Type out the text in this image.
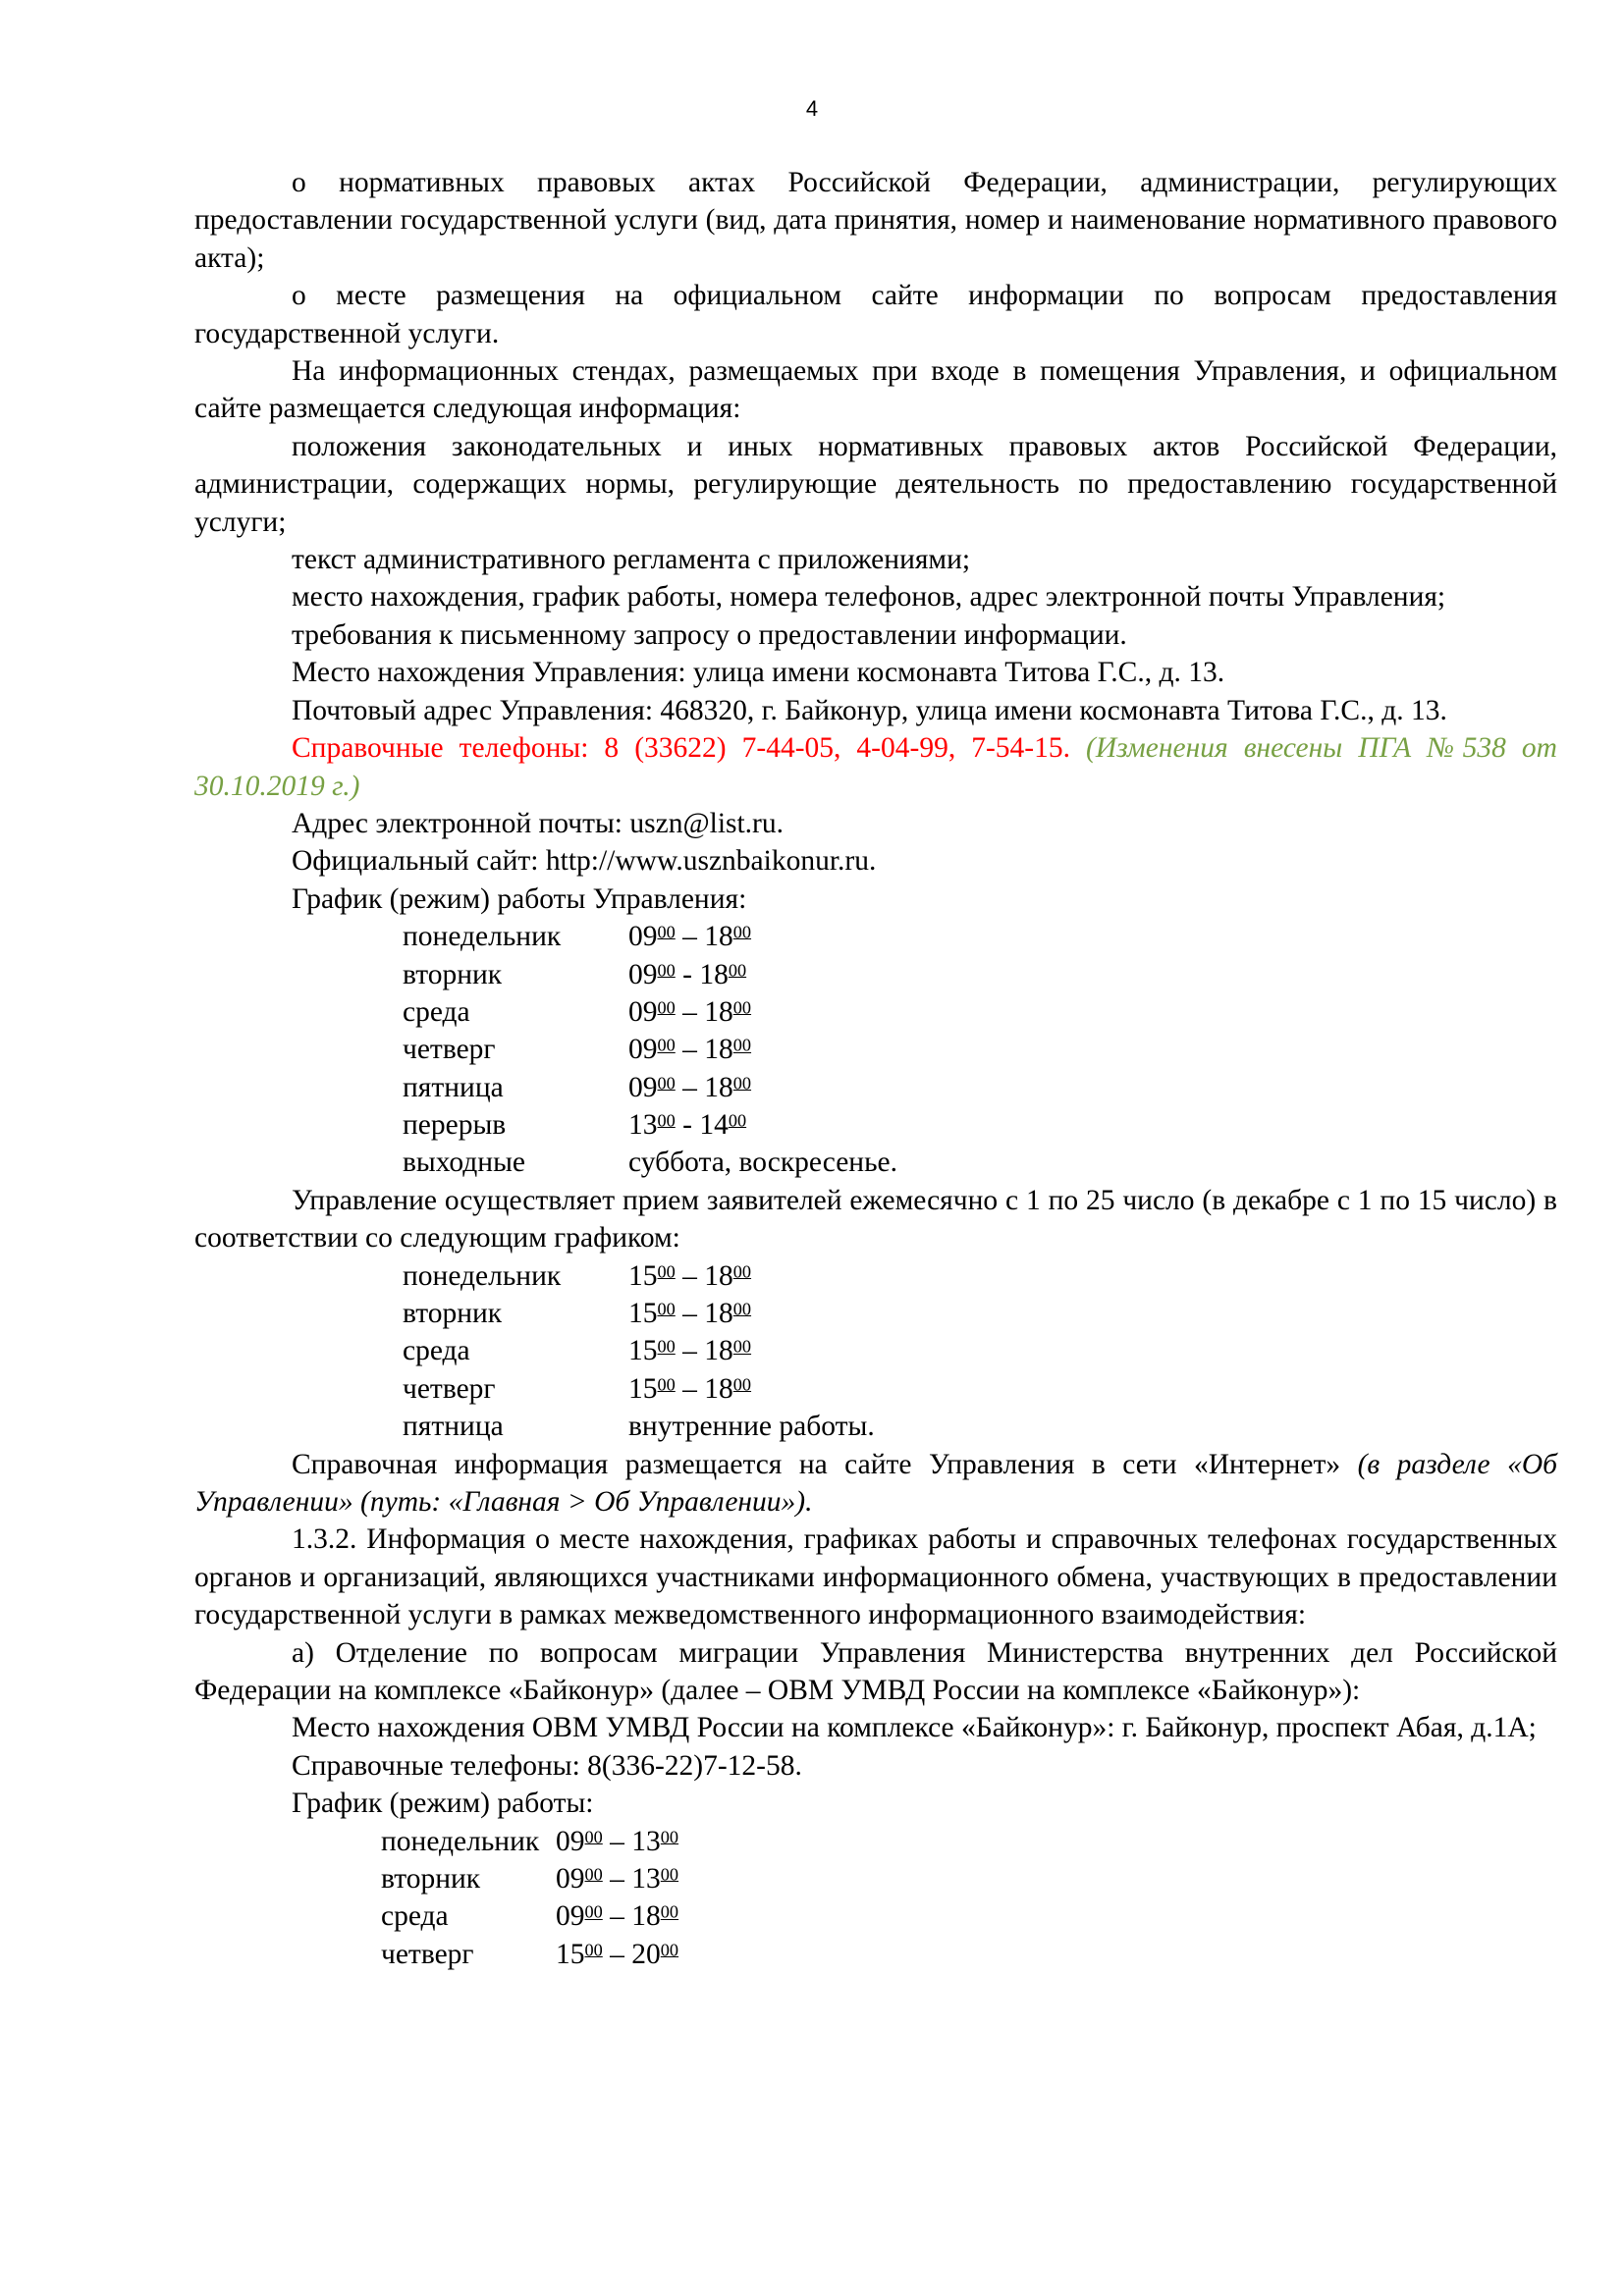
4

о нормативных правовых актах Российской Федерации, администрации, регулирующих предоставлении государственной услуги (вид, дата принятия, номер и наименование нормативного правового акта);

о месте размещения на официальном сайте информации по вопросам предоставления государственной услуги.

На информационных стендах, размещаемых при входе в помещения Управления, и официальном сайте размещается следующая информация:

положения законодательных и иных нормативных правовых актов Российской Федерации, администрации, содержащих нормы, регулирующие деятельность по предоставлению государственной услуги;

текст административного регламента с приложениями;

место нахождения, график работы, номера телефонов, адрес электронной почты Управления;

требования к письменному запросу о предоставлении информации.

Место нахождения Управления: улица имени космонавта Титова Г.С., д. 13.

Почтовый адрес Управления: 468320, г. Байконур, улица имени космонавта Титова Г.С., д. 13.

Справочные телефоны: 8 (33622) 7-44-05, 4-04-99, 7-54-15. (Изменения внесены ПГА №538 от 30.10.2019 г.)

Адрес электронной почты: uszn@list.ru.

Официальный сайт: http://www.usznbaikonur.ru.

График (режим) работы Управления:

понедельник	$09^{00} - 18^{00}$
вторник	$09^{00} - 18^{00}$
среда	$09^{00} - 18^{00}$
четверг	$09^{00} - 18^{00}$
пятница	$09^{00} - 18^{00}$
перерыв	$13^{00} - 14^{00}$
выходные	суббота, воскресенье.

Управление осуществляет прием заявителей ежемесячно с 1 по 25 число (в декабре с 1 по 15 число) в соответствии со следующим графиком:

понедельник	$15^{00} - 18^{00}$
вторник	$15^{00} - 18^{00}$
среда	$15^{00} - 18^{00}$
четверг	$15^{00} - 18^{00}$
пятница	внутренние работы.

Справочная информация размещается на сайте Управления в сети «Интернет» (в разделе «Об Управлении» (путь: «Главная > Об Управлении»).

1.3.2. Информация о месте нахождения, графиках работы и справочных телефонах государственных органов и организаций, являющихся участниками информационного обмена, участвующих в предоставлении государственной услуги в рамках межведомственного информационного взаимодействия:

а) Отделение по вопросам миграции Управления Министерства внутренних дел Российской Федерации на комплексе «Байконур» (далее – ОВМ УМВД России на комплексе «Байконур»):

Место нахождения ОВМ УМВД России на комплексе «Байконур»: г. Байконур, проспект Абая, д.1А;

Справочные телефоны: 8(336-22)7-12-58.

График (режим) работы:

понедельник $09^{00} - 13^{00}$
вторник	$09^{00} - 13^{00}$
среда	$09^{00} - 18^{00}$
четверг	$15^{00} - 20^{00}$
